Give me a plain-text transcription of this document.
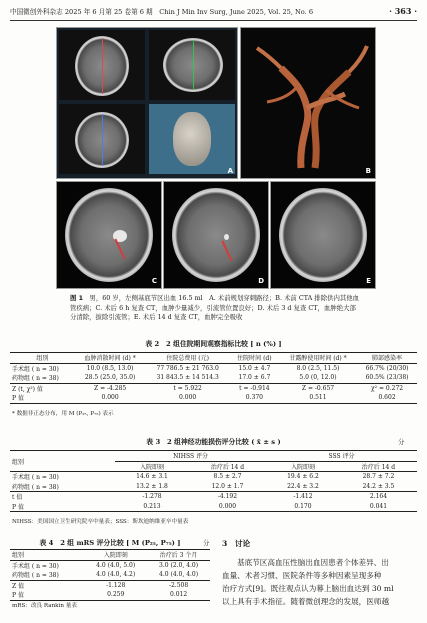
中国微创外科杂志 2025 年 6 月第 25 卷第 6 期　Chin J Min Inv Surg, June 2025, Vol. 25, No. 6	· 363 ·
A	B
C	D	E
图 1　 男，60 岁，左侧基底节区出血 16.5 ml　A. 术前规划穿刺路径；B. 术前 CTA 排除供内其他血管疾病；C. 术后 6 h 复查 CT，血肿少量减少，引流管位置良好；D. 术后 3 d 复查 CT，血肿绝大部分清除，拔除引流管；E. 术后 14 d 复查 CT，血肿完全吸收
表 2　2 组住院期间观察指标比较 [ n (%) ]
组别	血肿消散时间 (d) *	住院总费用 (元)	住院时间 (d)	甘露醇使用时间 (d) *	肺部感染率
手术组 ( n = 30)	10.0 (8.5, 13.0)	77 786.5 ± 21 763.0	15.0 ± 4.7	8.0 (2.5, 11.5)	66.7% (20/30)
药物组 ( n = 38)	28.5 (25.0, 35.0)	31 843.5 ± 14 514.3	17.0 ± 6.7	5.0 (0, 12.0)	60.5% (23/38)
Z (t, χ²) 值	Z = -4.285	t = 5.922	t = -0.914	Z = -0.657	χ² = 0.272
P 值	0.000	0.000	0.370	0.511	0.602
* 数据非正态分布，用 M (P₂₅, P₇₅) 表示
表 3　2 组神经功能损伤评分比较 ( x̄ ± s )	分
组别	NIHSS 评分		SSS 评分	
	入院即刻	治疗后 14 d	入院即刻	治疗后 14 d
手术组 ( n = 30)	14.6 ± 3.1	8.5 ± 2.7	19.4 ± 6.2	28.7 ± 7.2
药物组 ( n = 38)	13.2 ± 1.8	12.0 ± 1.7	22.4 ± 3.2	24.2 ± 3.5
t 值	-1.278	-4.192	-1.412	2.164
P 值	0.213	0.000	0.170	0.041
NIHSS：美国国立卫生研究院卒中量表；SSS：斯坎迪纳维亚卒中量表
表 4　2 组 mRS 评分比较 [ M (P₂₅, P₇₅) ]	分
组别	入院即刻	治疗后 3 个月
手术组 ( n = 30)	4.0 (4.0, 5.0)	3.0 (2.0, 4.0)
药物组 ( n = 38)	4.0 (4.0, 4.2)	4.0 (4.0, 4.0)
Z 值	-1.128	-2.508
P 值	0.259	0.012
mRS：改良 Rankin 量表
3　讨论
基底节区高血压性脑出血因患者个体差异、出
血量、术者习惯、医院条件等多种因素呈现多种
治疗方式[9]。既往观点认为幕上脑出血达到 30 ml
以上具有手术指征。随着微创理念的发展，医师越
